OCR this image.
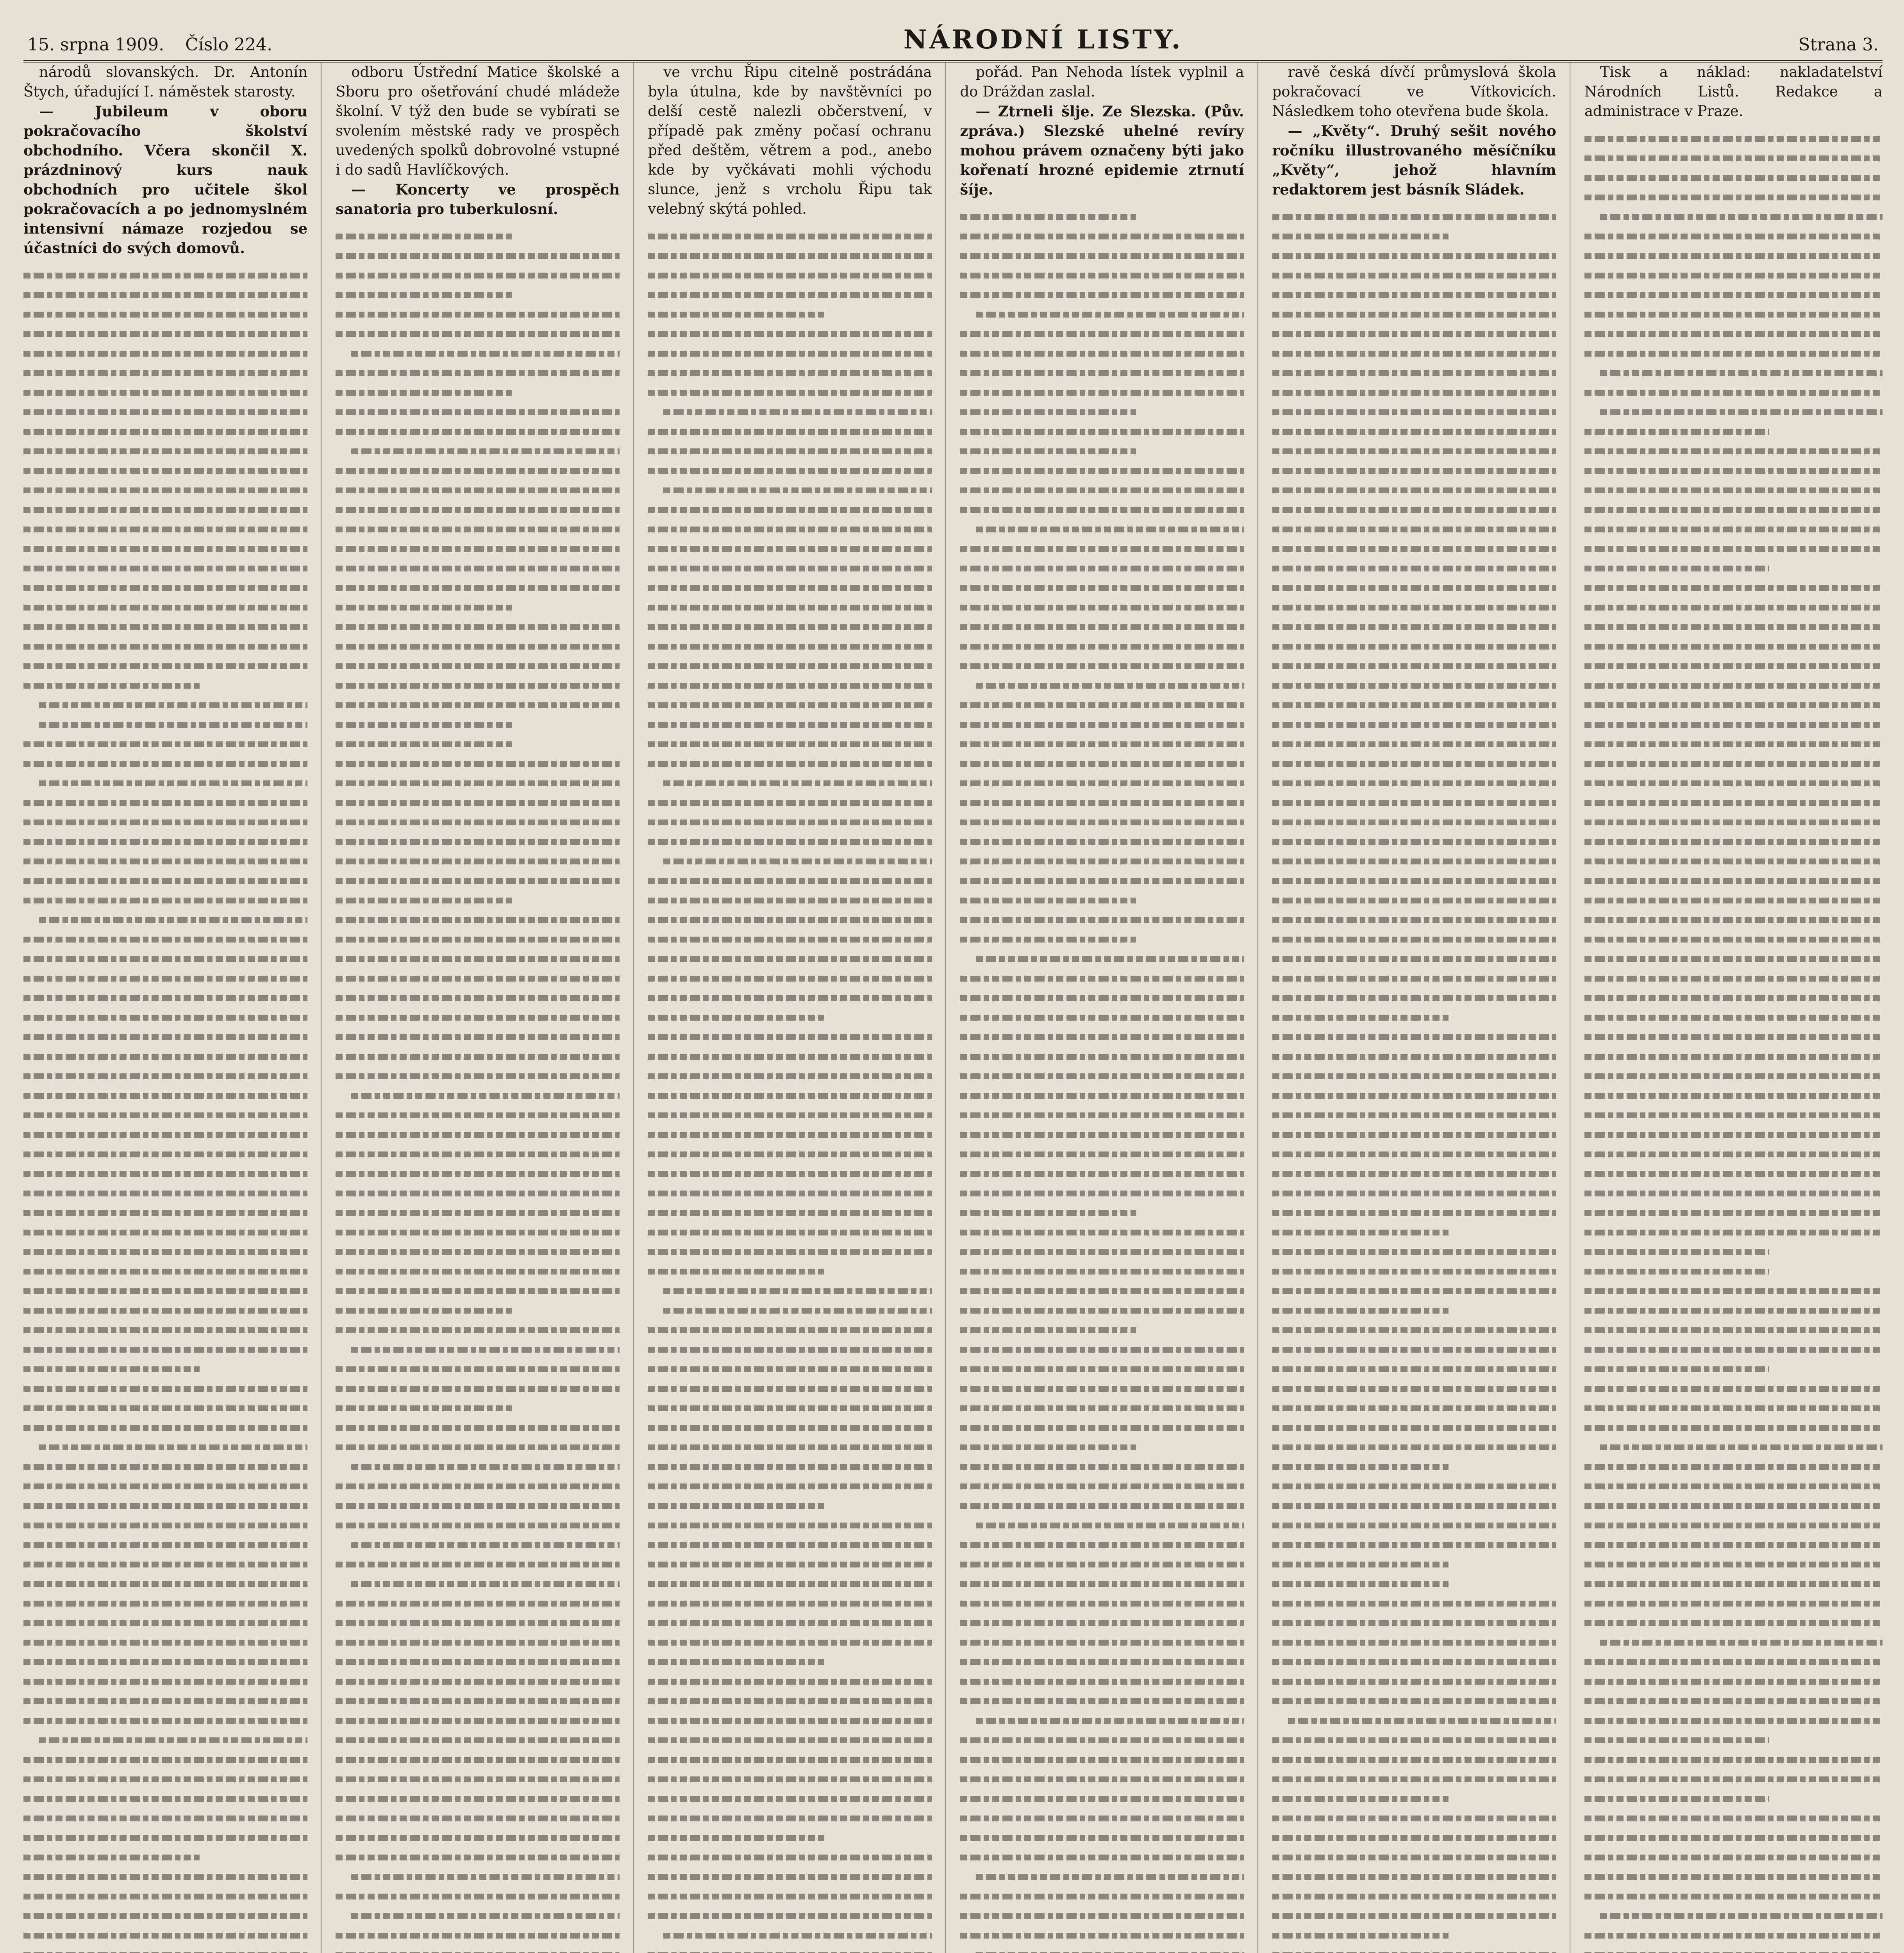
15. srpna 1909. Číslo 224.	NÁRODNÍ LISTY.	Strana 3.

národů slovanských. Dr. Antonín Štych, úřadující I. náměstek starosty.

— Jubileum v oboru pokračovacího školství obchodního. Včera skončil X. prázdninový kurs nauk obchodních pro učitele škol pokračovacích a po jednomyslném intensivní námaze rozjedou se účastníci do svých domovů.

odboru Ústřední Matice školské a Sboru pro ošetřování chudé mládeže školní. V týž den bude se vybírati se svolením městské rady ve prospěch uvedených spolků dobrovolné vstupné i do sadů Havlíčkových.

— Koncerty ve prospěch sanatoria pro tuberkulosní.

ve vrchu Řipu citelně postrádána byla útulna, kde by navštěvníci po delší cestě nalezli občerstvení, v případě pak změny počasí ochranu před deštěm, větrem a pod., anebo kde by vyčkávati mohli východu slunce, jenž s vrcholu Řipu tak velebný skýtá pohled.

pořád. Pan Nehoda lístek vyplnil a do Dráždan zaslal.

— Ztrneli šlje. Ze Slezska. (Pův. zpráva.) Slezské uhelné revíry mohou právem označeny býti jako kořenatí hrozné epidemie ztrnutí šíje.

ravě česká dívčí průmyslová škola pokračovací ve Vítkovicích. Následkem toho otevřena bude škola.

— „Květy“. Druhý sešit nového ročníku illustrovaného měsíčníku „Květy“, jehož hlavním redaktorem jest básník Sládek.

Tisk a náklad: nakladatelství Národních Listů. Redakce a administrace v Praze.
